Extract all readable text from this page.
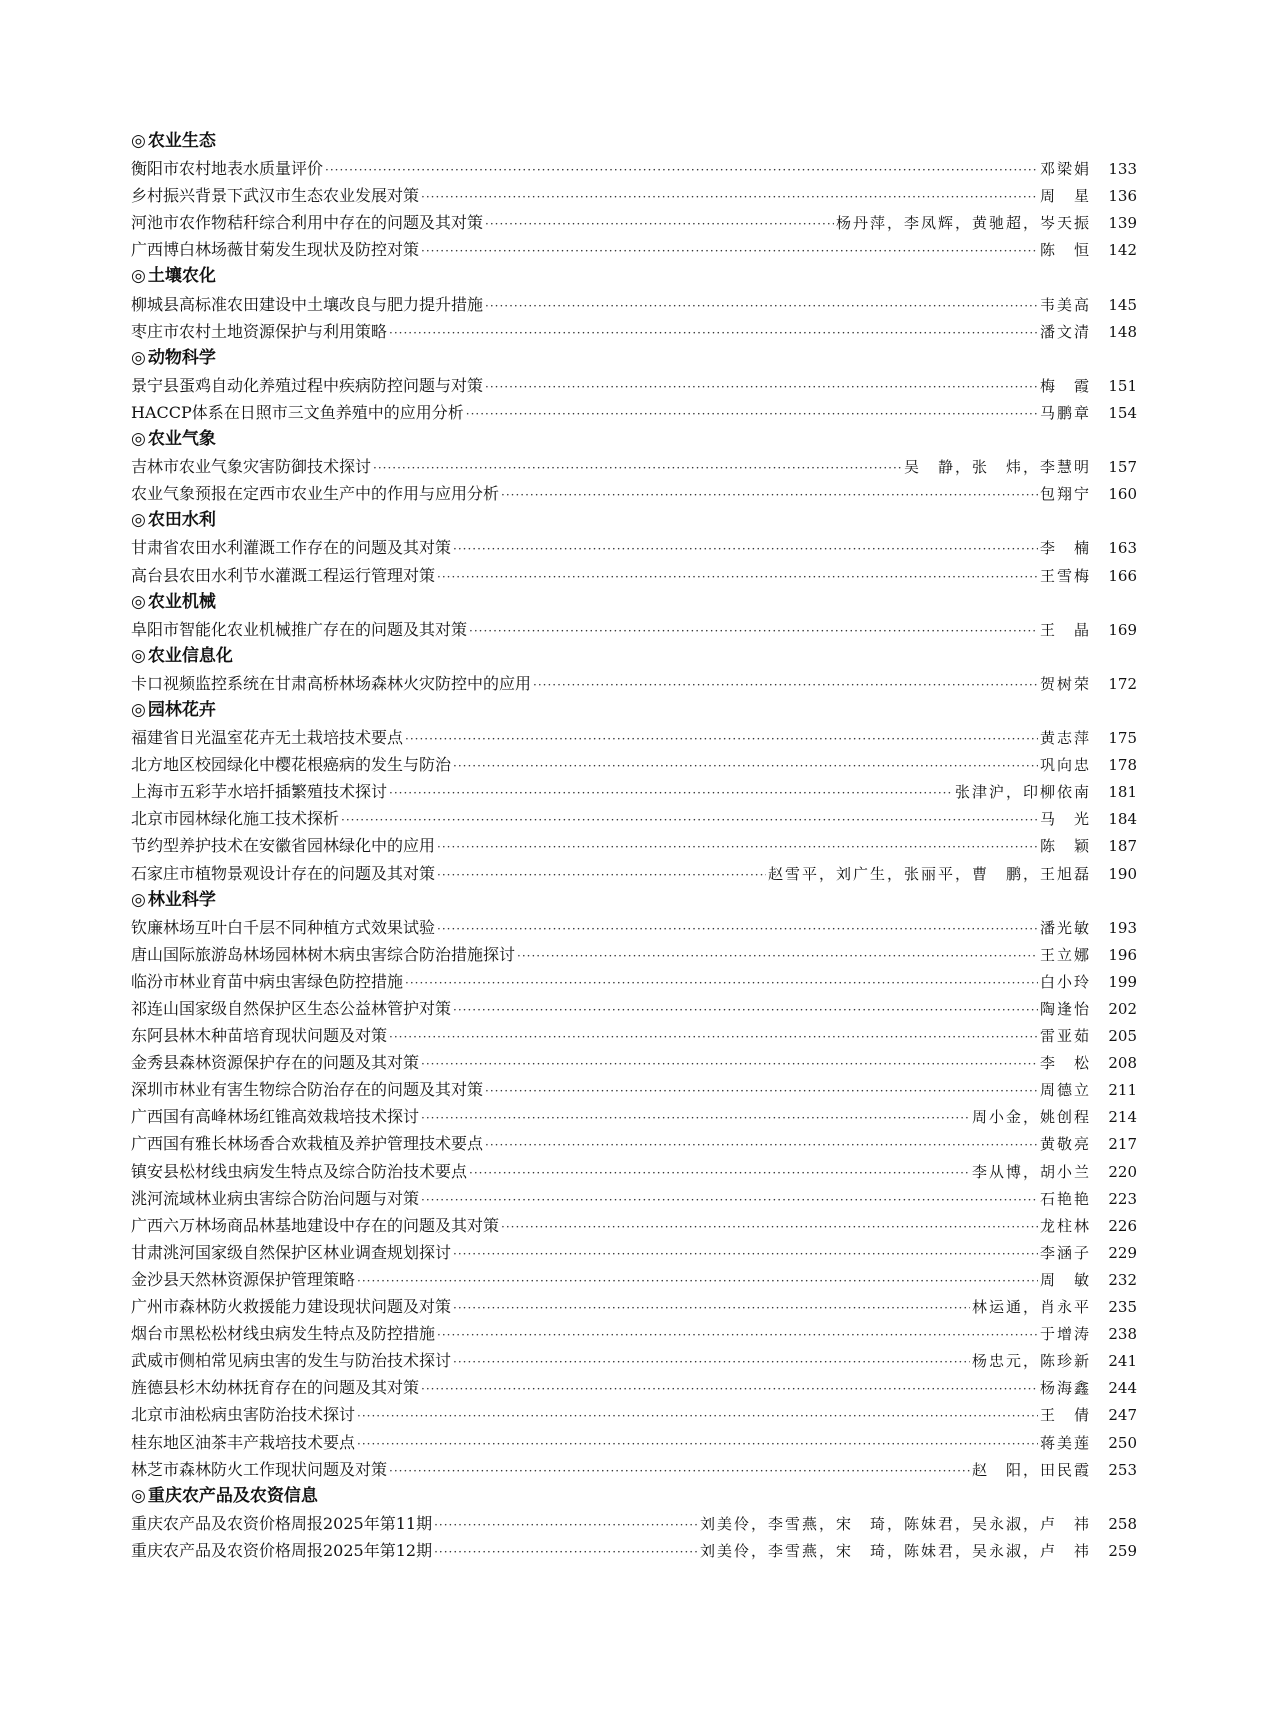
◎ 农业生态
衡阳市农村地表水质量评价 ·····	邓梁娟	133
乡村振兴背景下武汉市生态农业发展对策 ·····	周　星	136
河池市农作物秸秆综合利用中存在的问题及其对策 ·····	杨丹萍，李凤辉，黄驰超，岑天振	139
广西博白林场薇甘菊发生现状及防控对策 ·····	陈　恒	142
◎ 土壤农化
柳城县高标准农田建设中土壤改良与肥力提升措施 ·····	韦美高	145
枣庄市农村土地资源保护与利用策略 ·····	潘文清	148
◎ 动物科学
景宁县蛋鸡自动化养殖过程中疾病防控问题与对策 ·····	梅　霞	151
HACCP体系在日照市三文鱼养殖中的应用分析 ·····	马鹏章	154
◎ 农业气象
吉林市农业气象灾害防御技术探讨 ·····	吴　静，张　炜，李慧明	157
农业气象预报在定西市农业生产中的作用与应用分析 ·····	包翔宁	160
◎ 农田水利
甘肃省农田水利灌溉工作存在的问题及其对策 ·····	李　楠	163
高台县农田水利节水灌溉工程运行管理对策 ·····	王雪梅	166
◎ 农业机械
阜阳市智能化农业机械推广存在的问题及其对策 ·····	王　晶	169
◎ 农业信息化
卡口视频监控系统在甘肃高桥林场森林火灾防控中的应用 ·····	贺树荣	172
◎ 园林花卉
福建省日光温室花卉无土栽培技术要点 ·····	黄志萍	175
北方地区校园绿化中樱花根癌病的发生与防治 ·····	巩向忠	178
上海市五彩芋水培扦插繁殖技术探讨 ·····	张津沪，印柳依南	181
北京市园林绿化施工技术探析 ·····	马　光	184
节约型养护技术在安徽省园林绿化中的应用 ·····	陈　颖	187
石家庄市植物景观设计存在的问题及其对策 ·····	赵雪平，刘广生，张丽平，曹　鹏，王旭磊	190
◎ 林业科学
钦廉林场互叶白千层不同种植方式效果试验 ·····	潘光敏	193
唐山国际旅游岛林场园林树木病虫害综合防治措施探讨 ·····	王立娜	196
临汾市林业育苗中病虫害绿色防控措施 ·····	白小玲	199
祁连山国家级自然保护区生态公益林管护对策 ·····	陶逢怡	202
东阿县林木种苗培育现状问题及对策 ·····	雷亚茹	205
金秀县森林资源保护存在的问题及其对策 ·····	李　松	208
深圳市林业有害生物综合防治存在的问题及其对策 ·····	周德立	211
广西国有高峰林场红锥高效栽培技术探讨 ·····	周小金，姚创程	214
广西国有雅长林场香合欢栽植及养护管理技术要点 ·····	黄敬亮	217
镇安县松材线虫病发生特点及综合防治技术要点 ·····	李从博，胡小兰	220
洮河流域林业病虫害综合防治问题与对策 ·····	石艳艳	223
广西六万林场商品林基地建设中存在的问题及其对策 ·····	龙柱林	226
甘肃洮河国家级自然保护区林业调查规划探讨 ·····	李涵子	229
金沙县天然林资源保护管理策略 ·····	周　敏	232
广州市森林防火救援能力建设现状问题及对策 ·····	林运通，肖永平	235
烟台市黑松松材线虫病发生特点及防控措施 ·····	于增涛	238
武威市侧柏常见病虫害的发生与防治技术探讨 ·····	杨忠元，陈珍新	241
旌德县杉木幼林抚育存在的问题及其对策 ·····	杨海鑫	244
北京市油松病虫害防治技术探讨 ·····	王　倩	247
桂东地区油茶丰产栽培技术要点 ·····	蒋美莲	250
林芝市森林防火工作现状问题及对策 ·····	赵　阳，田民霞	253
◎ 重庆农产品及农资信息
重庆农产品及农资价格周报2025年第11期 ·····	刘美伶，李雪燕，宋　琦，陈妹君，吴永淑，卢　祎	258
重庆农产品及农资价格周报2025年第12期 ·····	刘美伶，李雪燕，宋　琦，陈妹君，吴永淑，卢　祎	259
